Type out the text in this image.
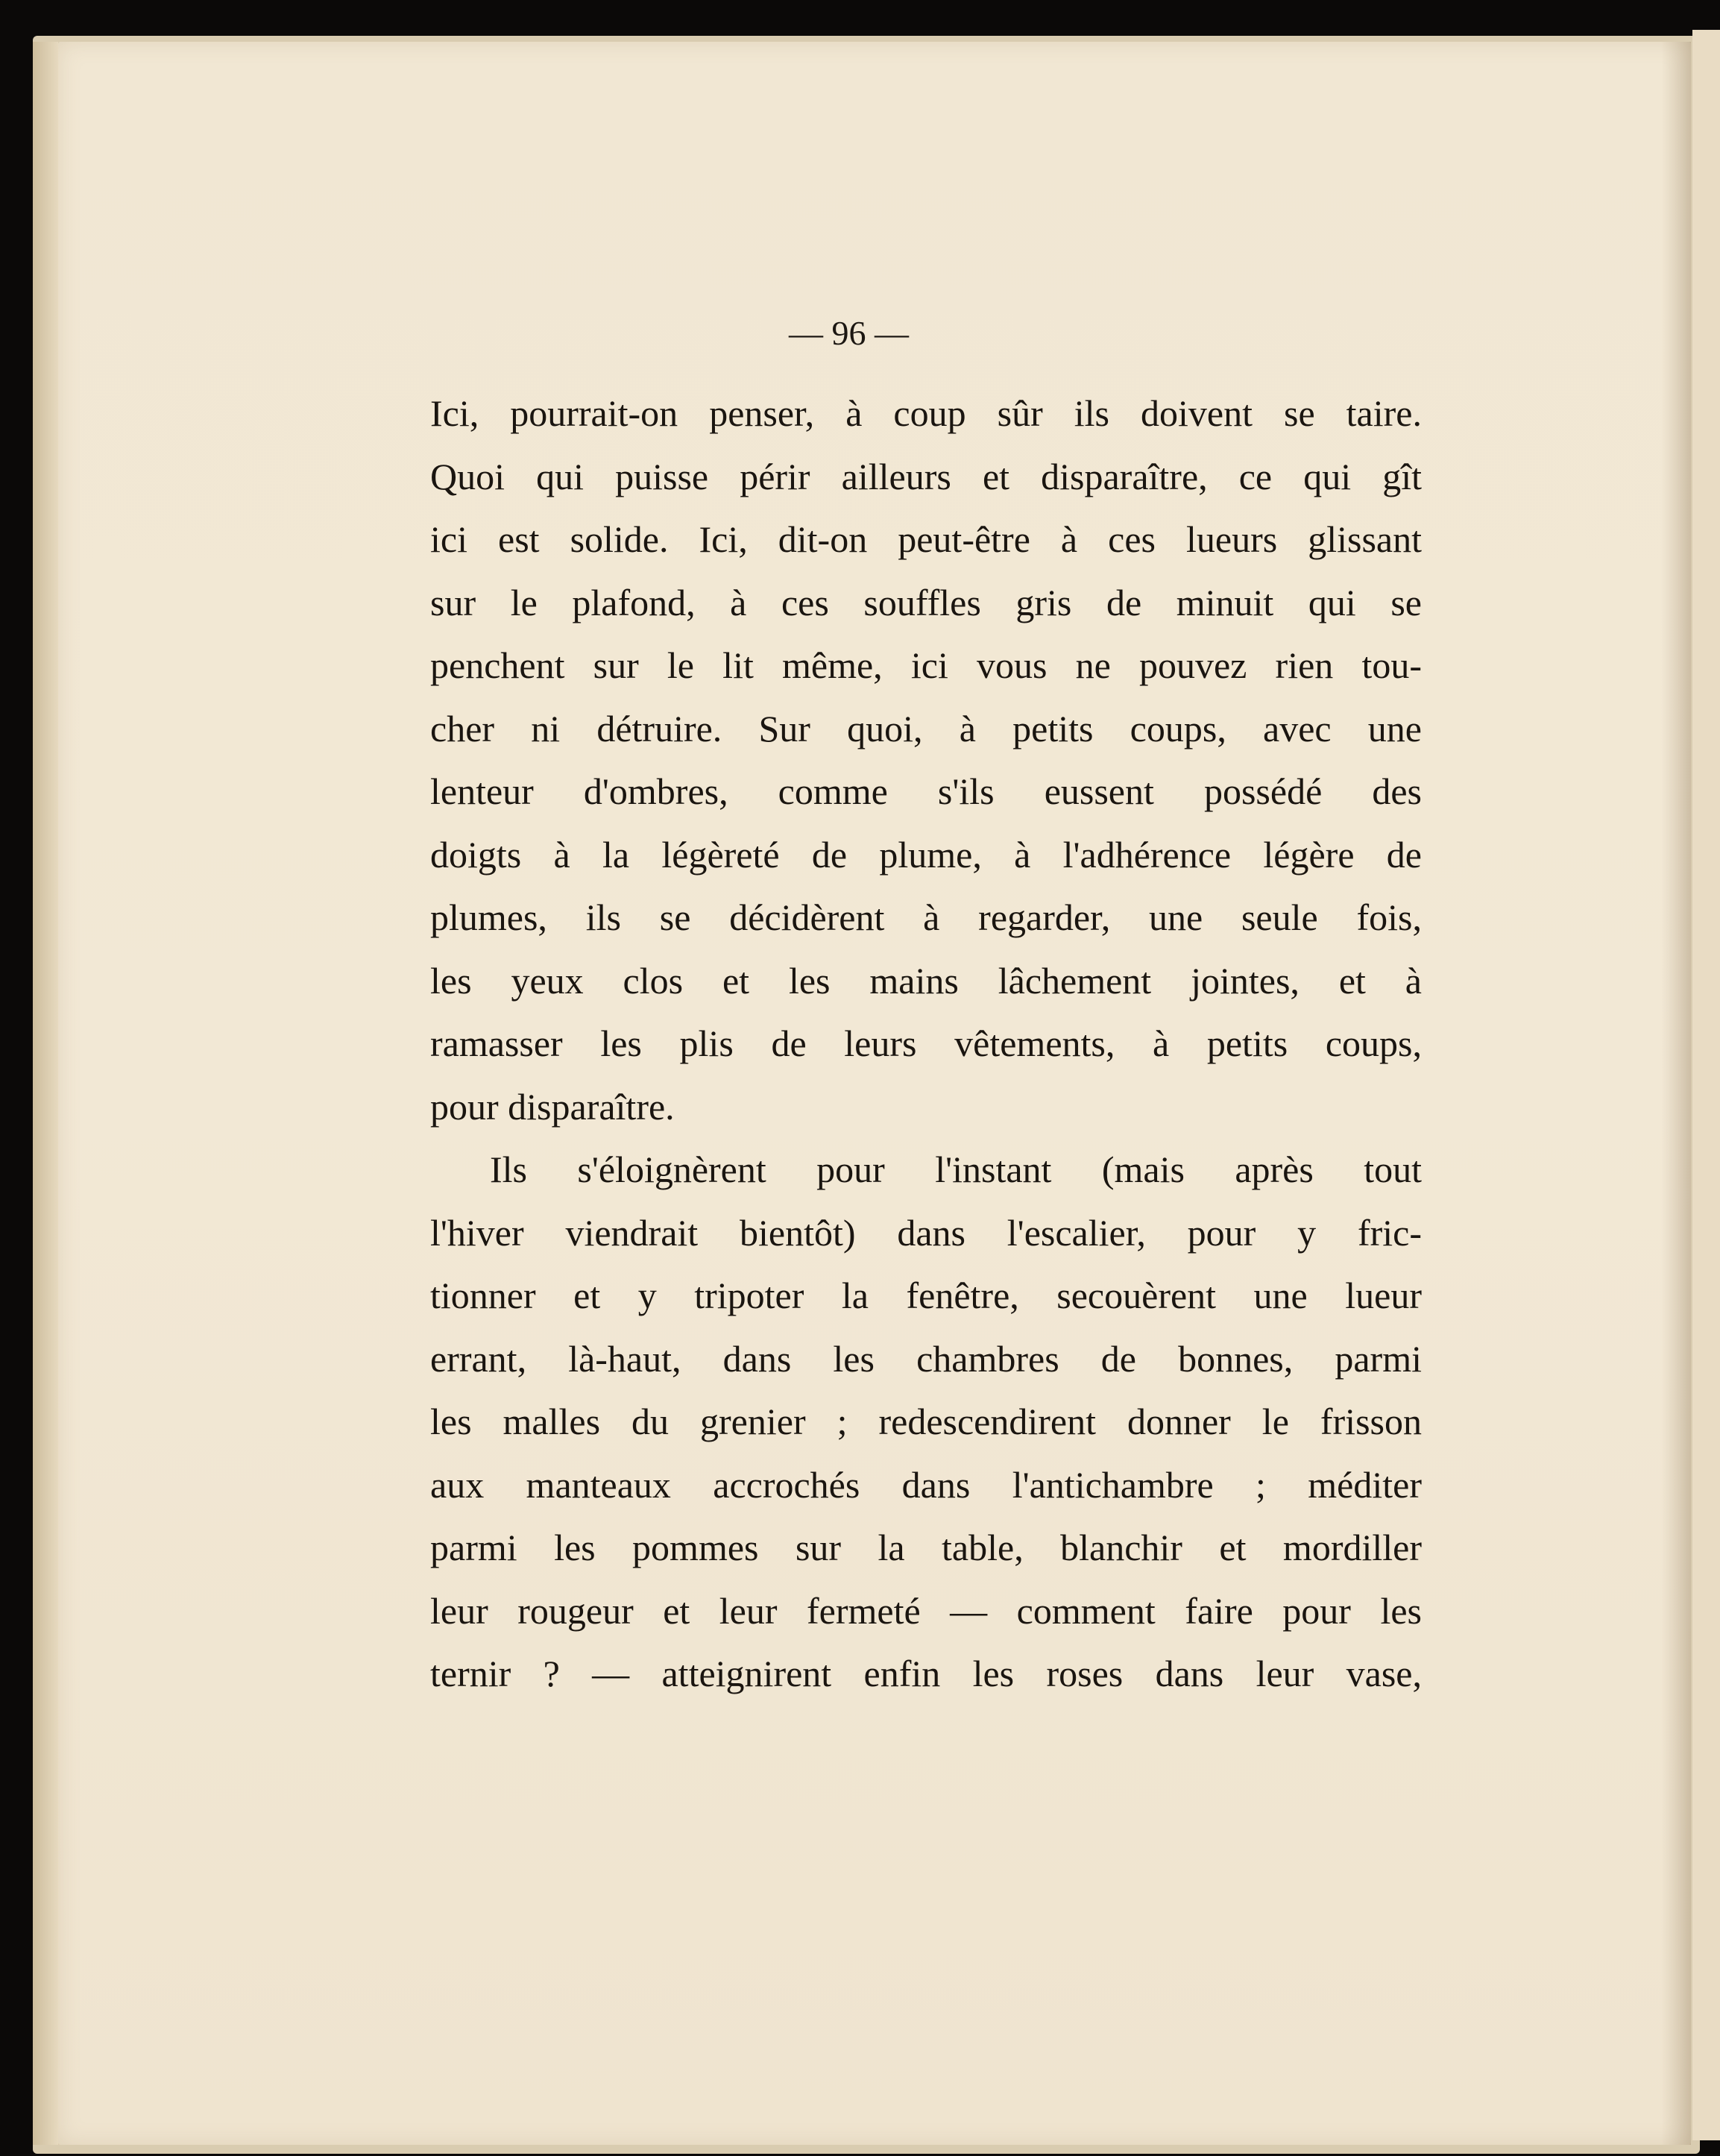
— 96 —

Ici, pourrait-on penser, à coup sûr ils doivent se taire.
Quoi qui puisse périr ailleurs et disparaître, ce qui gît
ici est solide. Ici, dit-on peut-être à ces lueurs glissant
sur le plafond, à ces souffles gris de minuit qui se
penchent sur le lit même, ici vous ne pouvez rien tou-
cher ni détruire. Sur quoi, à petits coups, avec une
lenteur d'ombres, comme s'ils eussent possédé des
doigts à la légèreté de plume, à l'adhérence légère de
plumes, ils se décidèrent à regarder, une seule fois,
les yeux clos et les mains lâchement jointes, et à
ramasser les plis de leurs vêtements, à petits coups,
pour disparaître.

Ils s'éloignèrent pour l'instant (mais après tout
l'hiver viendrait bientôt) dans l'escalier, pour y fric-
tionner et y tripoter la fenêtre, secouèrent une lueur
errant, là-haut, dans les chambres de bonnes, parmi
les malles du grenier ; redescendirent donner le frisson
aux manteaux accrochés dans l'antichambre ; méditer
parmi les pommes sur la table, blanchir et mordiller
leur rougeur et leur fermeté — comment faire pour les
ternir ? — atteignirent enfin les roses dans leur vase,
